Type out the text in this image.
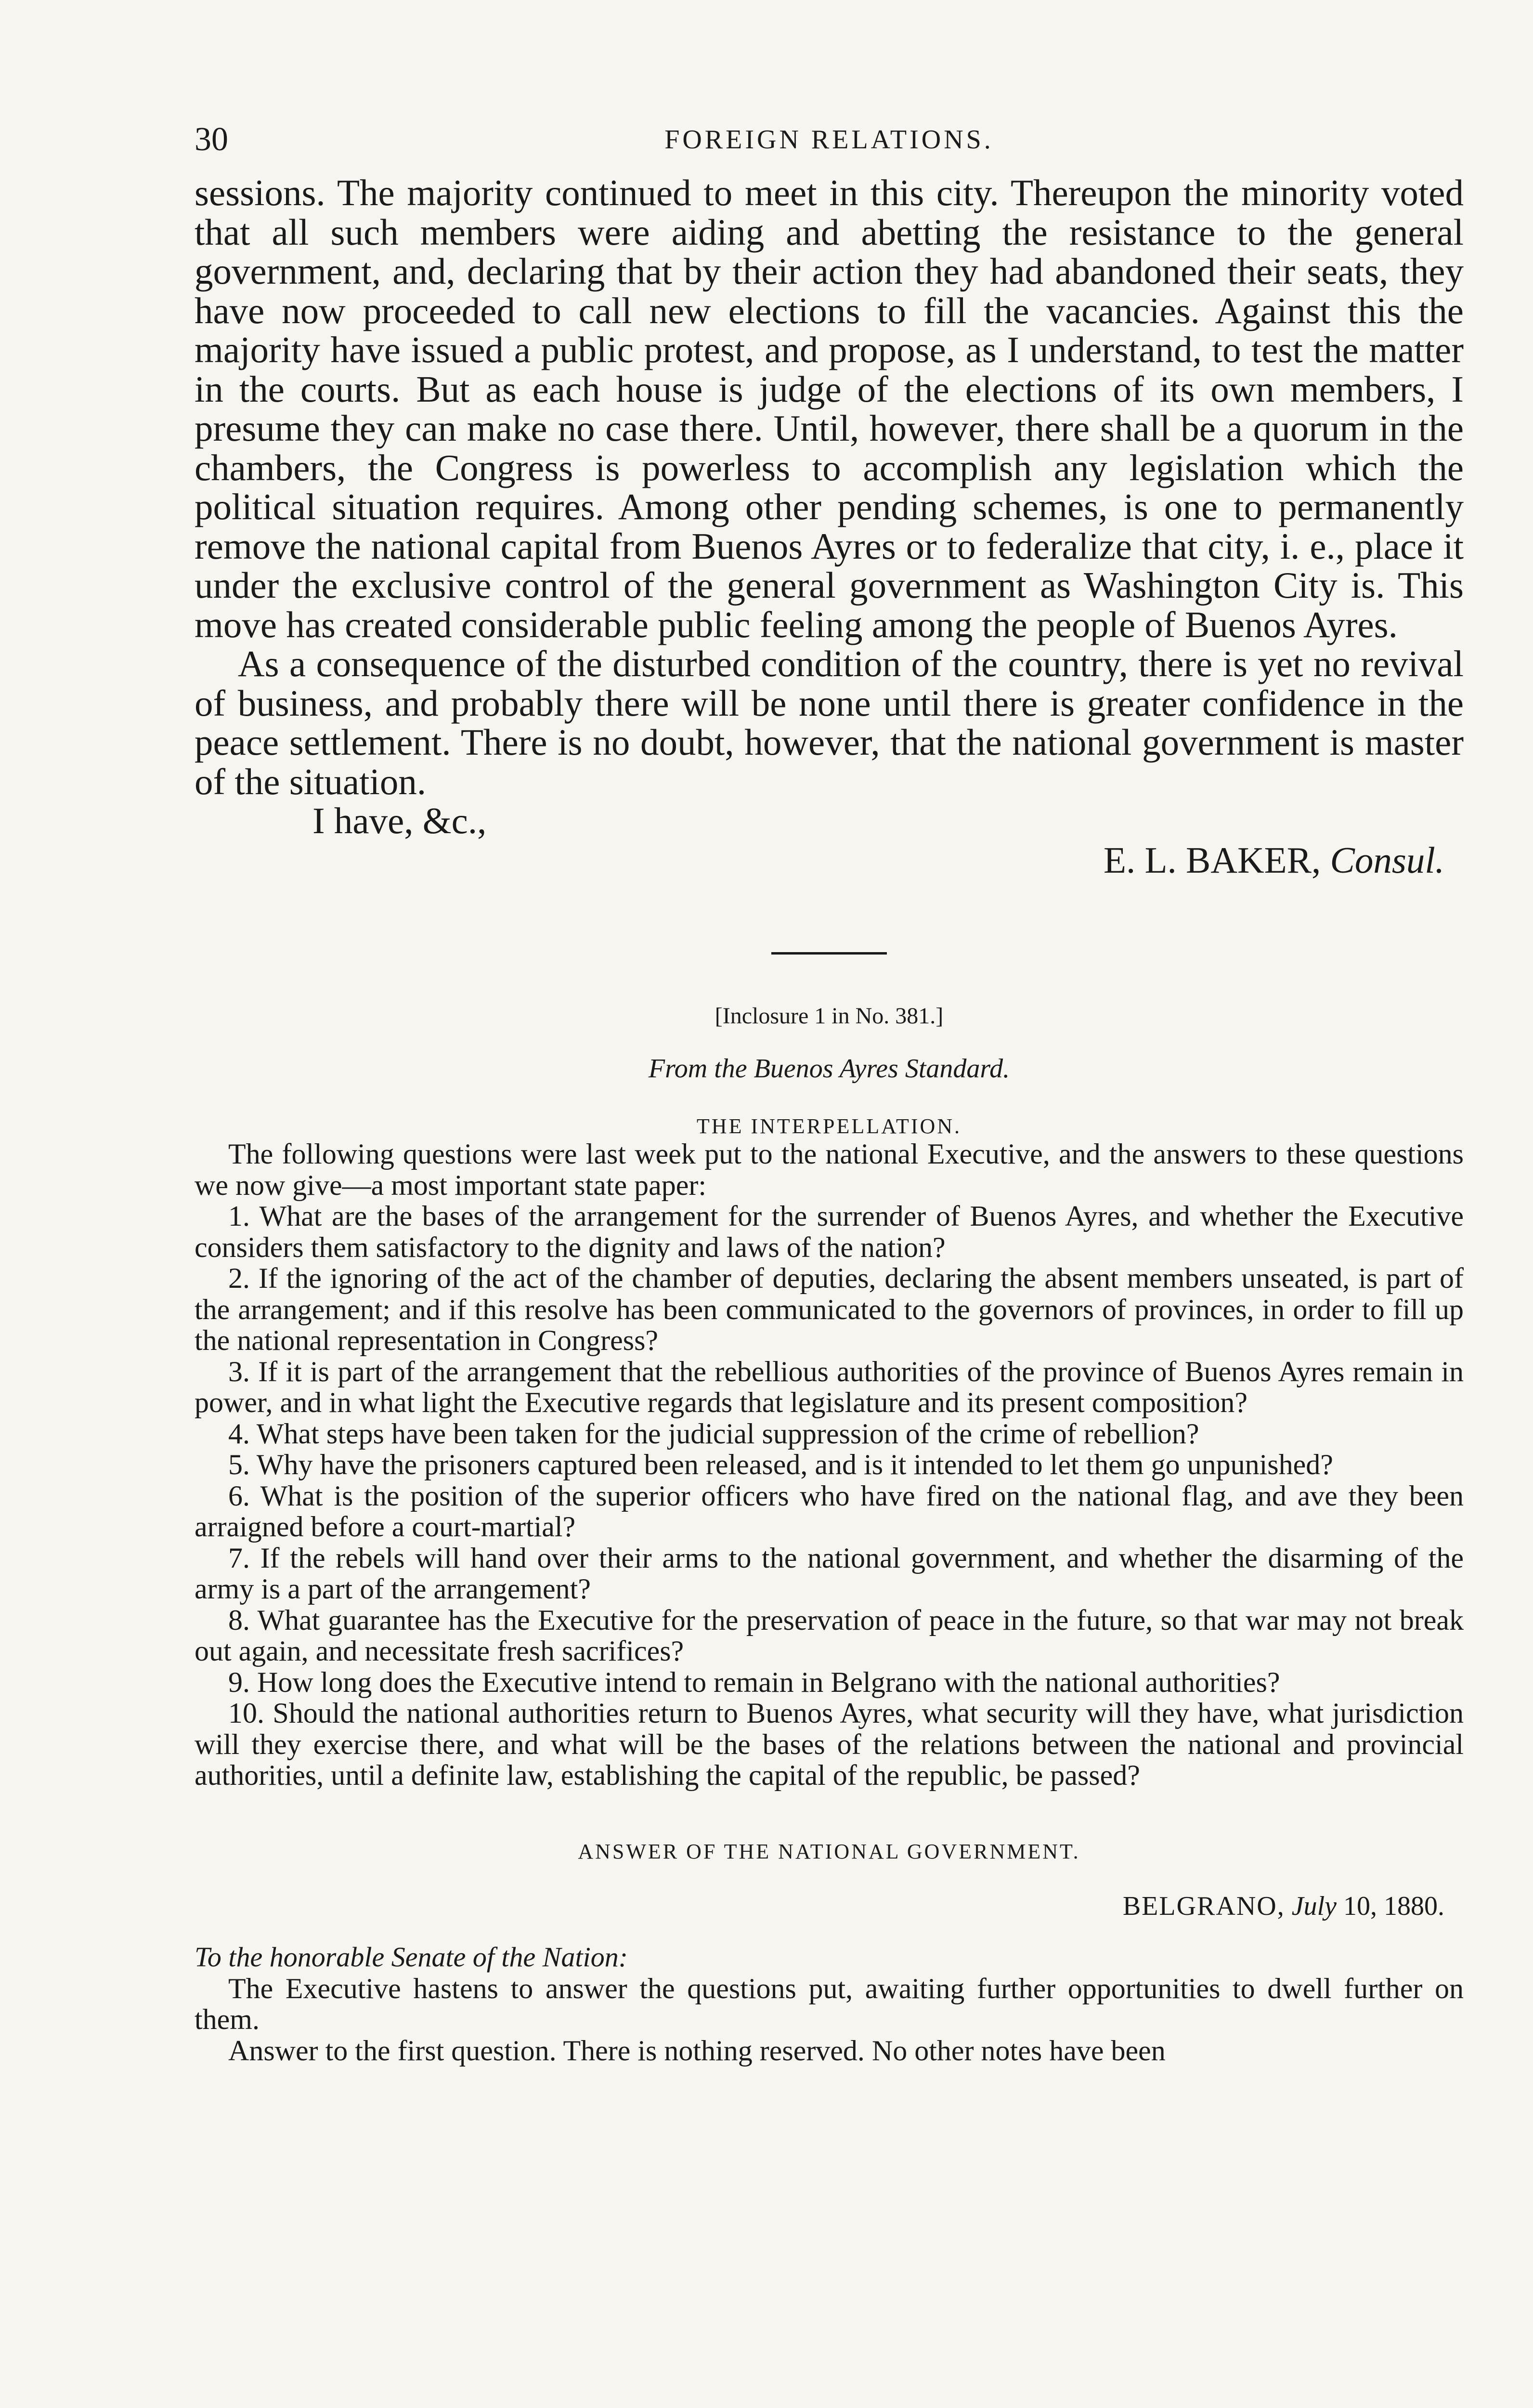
30	FOREIGN RELATIONS.

sessions. The majority continued to meet in this city. Thereupon the minority voted that all such members were aiding and abetting the resistance to the general government, and, declaring that by their action they had abandoned their seats, they have now proceeded to call new elections to fill the vacancies. Against this the majority have issued a public protest, and propose, as I understand, to test the matter in the courts. But as each house is judge of the elections of its own members, I presume they can make no case there. Until, however, there shall be a quorum in the chambers, the Congress is powerless to accomplish any legislation which the political situation requires. Among other pending schemes, is one to permanently remove the national capital from Buenos Ayres or to federalize that city, i. e., place it under the exclusive control of the general government as Washington City is. This move has created considerable public feeling among the people of Buenos Ayres.

As a consequence of the disturbed condition of the country, there is yet no revival of business, and probably there will be none until there is greater confidence in the peace settlement. There is no doubt, however, that the national government is master of the situation.

I have, &c.,

E. L. BAKER, Consul.
[Inclosure 1 in No. 381.]
From the Buenos Ayres Standard.
THE INTERPELLATION.

The following questions were last week put to the national Executive, and the answers to these questions we now give—a most important state paper:

1. What are the bases of the arrangement for the surrender of Buenos Ayres, and whether the Executive considers them satisfactory to the dignity and laws of the nation?

2. If the ignoring of the act of the chamber of deputies, declaring the absent members unseated, is part of the arrangement; and if this resolve has been communicated to the governors of provinces, in order to fill up the national representation in Congress?

3. If it is part of the arrangement that the rebellious authorities of the province of Buenos Ayres remain in power, and in what light the Executive regards that legislature and its present composition?

4. What steps have been taken for the judicial suppression of the crime of rebellion?

5. Why have the prisoners captured been released, and is it intended to let them go unpunished?

6. What is the position of the superior officers who have fired on the national flag, and ave they been arraigned before a court-martial?

7. If the rebels will hand over their arms to the national government, and whether the disarming of the army is a part of the arrangement?

8. What guarantee has the Executive for the preservation of peace in the future, so that war may not break out again, and necessitate fresh sacrifices?

9. How long does the Executive intend to remain in Belgrano with the national authorities?

10. Should the national authorities return to Buenos Ayres, what security will they have, what jurisdiction will they exercise there, and what will be the bases of the relations between the national and provincial authorities, until a definite law, establishing the capital of the republic, be passed?

ANSWER OF THE NATIONAL GOVERNMENT.
BELGRANO, July 10, 1880.
To the honorable Senate of the Nation:

The Executive hastens to answer the questions put, awaiting further opportunities to dwell further on them.

Answer to the first question. There is nothing reserved. No other notes have been
